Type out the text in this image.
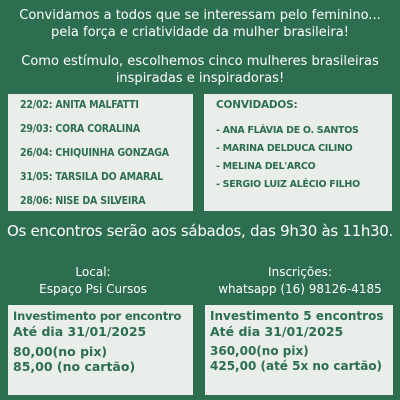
Convidamos a todos que se interessam pelo feminino...
pela força e criatividade da mulher brasileira!
Como estímulo, escolhemos cinco mulheres brasileiras
inspiradas e inspiradoras!
22/02: ANITA MALFATTI
29/03: CORA CORALINA
26/04: CHIQUINHA GONZAGA
31/05: TARSILA DO AMARAL
28/06: NISE DA SILVEIRA
CONVIDADOS:
- ANA FLÁVIA DE O. SANTOS
- MARINA DELDUCA CILINO
- MELINA DEL'ARCO
- SERGIO LUIZ ALÉCIO FILHO
Os encontros serão aos sábados, das 9h30 às 11h30.
Local:
Espaço Psi Cursos
Inscrições:
whatsapp (16) 98126-4185
Investimento por encontro
Até dia 31/01/2025
80,00(no pix)
85,00 (no cartão)
Investimento 5 encontros
Até dia 31/01/2025
360,00(no pix)
425,00 (até 5x no cartão)
